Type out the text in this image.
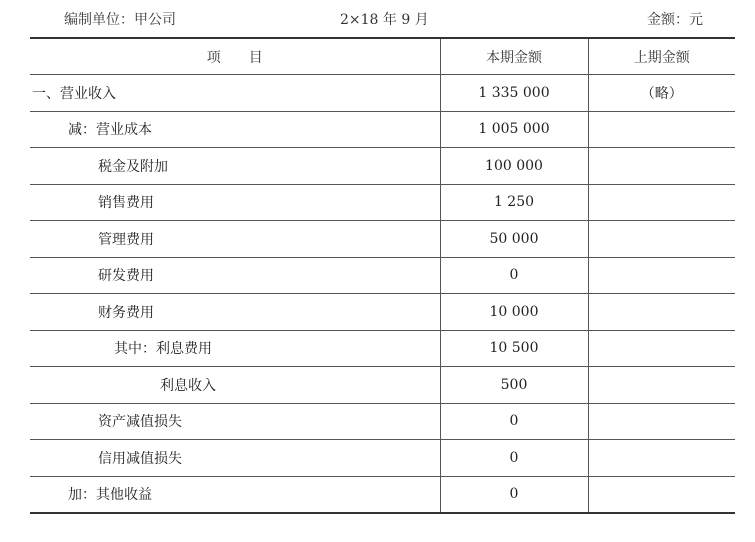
编制单位：甲公司	2×18 年 9 月	金额：元
项　　目	本期金额	上期金额
一、营业收入	1 335 000	（略）
减：营业成本	1 005 000	
税金及附加	100 000	
销售费用	1 250	
管理费用	50 000	
研发费用	0	
财务费用	10 000	
其中：利息费用	10 500	
利息收入	500	
资产减值损失	0	
信用减值损失	0	
加：其他收益	0	
